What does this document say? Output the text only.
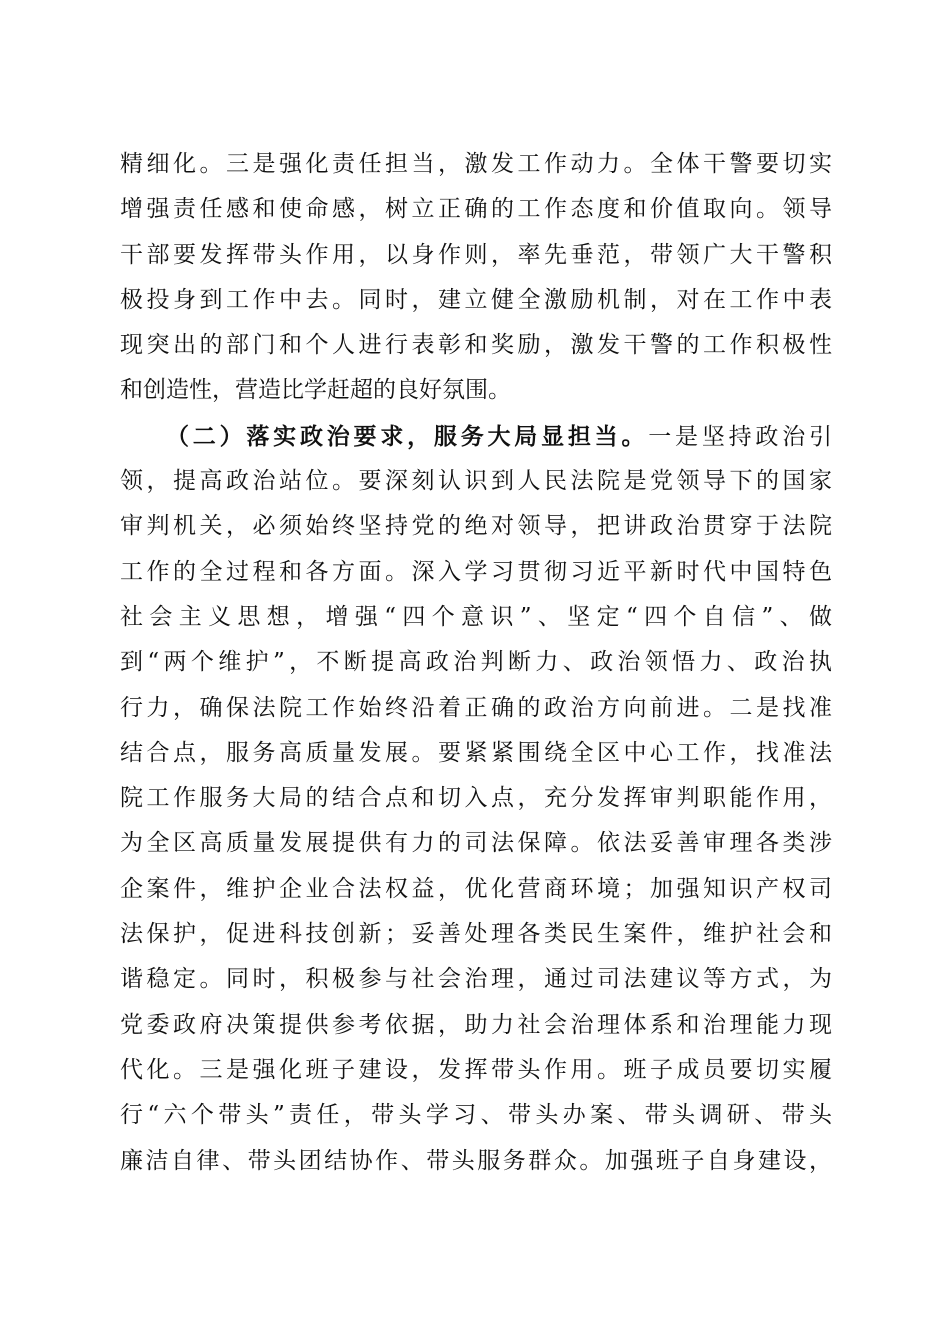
精细化。三是强化责任担当，激发工作动力。全体干警要切实
增强责任感和使命感，树立正确的工作态度和价值取向。领导
干部要发挥带头作用，以身作则，率先垂范，带领广大干警积
极投身到工作中去。同时，建立健全激励机制，对在工作中表
现突出的部门和个人进行表彰和奖励，激发干警的工作积极性
和创造性，营造比学赶超的良好氛围。
（二）落实政治要求，服务大局显担当。一是坚持政治引
领，提高政治站位。要深刻认识到人民法院是党领导下的国家
审判机关，必须始终坚持党的绝对领导，把讲政治贯穿于法院
工作的全过程和各方面。深入学习贯彻习近平新时代中国特色
社会主义思想，增强“四个意识”、坚定“四个自信”、做
到“两个维护”，不断提高政治判断力、政治领悟力、政治执
行力，确保法院工作始终沿着正确的政治方向前进。二是找准
结合点，服务高质量发展。要紧紧围绕全区中心工作，找准法
院工作服务大局的结合点和切入点，充分发挥审判职能作用，
为全区高质量发展提供有力的司法保障。依法妥善审理各类涉
企案件，维护企业合法权益，优化营商环境；加强知识产权司
法保护，促进科技创新；妥善处理各类民生案件，维护社会和
谐稳定。同时，积极参与社会治理，通过司法建议等方式，为
党委政府决策提供参考依据，助力社会治理体系和治理能力现
代化。三是强化班子建设，发挥带头作用。班子成员要切实履
行“六个带头”责任，带头学习、带头办案、带头调研、带头
廉洁自律、带头团结协作、带头服务群众。加强班子自身建设，
